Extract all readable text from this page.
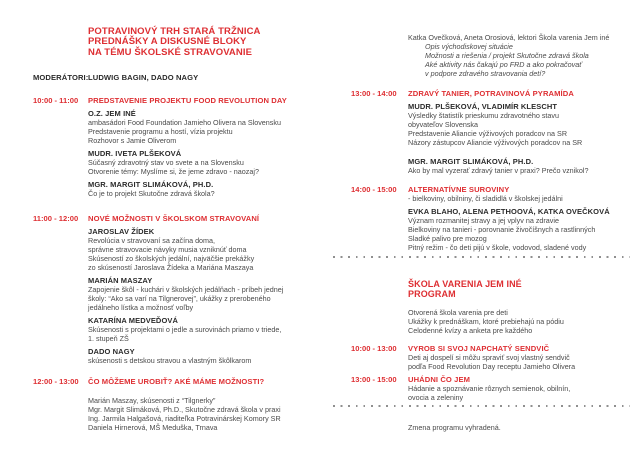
POTRAVINOVÝ TRH STARÁ TRŽNICA
PREDNÁŠKY A DISKUSNÉ BLOKY
NA TÉMU ŠKOLSKÉ STRAVOVANIE
MODERÁTORI: LUDWIG BAGIN, DADO NAGY
10:00 - 11:00	PREDSTAVENIE PROJEKTU FOOD REVOLUTION DAY
O.Z. JEM INÉ
ambasádori Food Foundation Jamieho Olivera na Slovensku
Predstavenie programu a hostí, vízia projektu
Rozhovor s Jamie Oliverom
MUDR. IVETA PLŠEKOVÁ
Súčasný zdravotný stav vo svete a na Slovensku
Otvorenie témy: Myslíme si, že jeme zdravo - naozaj?
MGR. MARGIT SLIMÁKOVÁ, PH.D.
Čo je to projekt Skutočne zdravá škola?
11:00 - 12:00	NOVÉ MOŽNOSTI V ŠKOLSKOM STRAVOVANÍ
JAROSLAV ŽÍDEK
Revolúcia v stravovaní sa začína doma,
správne stravovacie návyky musia vzniknúť doma
Skúseností zo školských jedální, najväčšie prekážky
zo skúseností Jaroslava Žídeka a Mariána Maszaya
MARIÁN MASZAY
Zapojenie škôl - kuchári v školských jedálňach - príbeh jednej
školy: “Ako sa varí na Tilgnerovej”, ukážky z prerobeného
jedálneho lístka a možnosť voľby
KATARÍNA MEDVEĎOVÁ
Skúsenosti s projektami o jedle a surovinách priamo v triede,
1. stupeň ZŠ
DADO NAGY
skúsenosti s detskou stravou a vlastným škôlkarom
12:00 - 13:00	ČO MÔŽEME UROBIŤ? AKÉ MÁME MOŽNOSTI?
Marián Maszay, skúsenosti z “Tilgnerky”
Mgr. Margit Slimáková, Ph.D., Skutočne zdravá škola v praxi
Ing. Jarmila Halgašová, riaditeľka Potravinárskej Komory SR
Daniela Hirnerová, MŠ Meduška, Trnava
Katka Ovečková, Aneta Orosiová, lektori Škola varenia Jem iné
Opis východiskovej situácie
Možnosti a riešenia / projekt Skutočne zdravá škola
Aké aktivity nás čakajú po FRD a ako pokračovať
v podpore zdravého stravovania detí?
13:00 - 14:00	ZDRAVÝ TANIER, POTRAVINOVÁ PYRAMÍDA
MUDR. PLŠEKOVÁ, VLADIMÍR KLESCHT
Výsledky štatistík prieskumu zdravotného stavu
obyvateľov Slovenska
Predstavenie Aliancie výživových poradcov na SR
Názory zástupcov Aliancie výživových poradcov na SR
MGR. MARGIT SLIMÁKOVÁ, PH.D.
Ako by mal vyzerať zdravý tanier v praxi? Prečo vznikol?
14:00 - 15:00	ALTERNATÍVNE SUROVINY
- bielkoviny, obilniny, či sladidlá v školskej jedálni
EVKA BLAHO, ALENA PETHOOVÁ, KATKA OVEČKOVÁ
Význam rozmanitej stravy a jej vplyv na zdravie
Bielkoviny na tanieri - porovnanie živočíšnych a rastlinných
Sladké palivo pre mozog
Pitný režim - čo deti pijú v škole, vodovod, sladené vody
ŠKOLA VARENIA JEM INÉ
PROGRAM
Otvorená škola varenia pre deti
Ukážky k prednáškam, ktoré prebiehajú na pódiu
Celodenné kvízy a anketa pre každého
10:00 - 13:00	VYROB SI SVOJ NAPCHATÝ SENDVIČ
Deti aj dospelí si môžu spraviť svoj vlastný sendvič
podľa Food Revolution Day receptu Jamieho Olivera
13:00 - 15:00	UHÁDNI ČO JEM
Hádanie a spoznávanie rôznych semienok, obilnín,
ovocia a zeleniny
Zmena programu vyhradená.
